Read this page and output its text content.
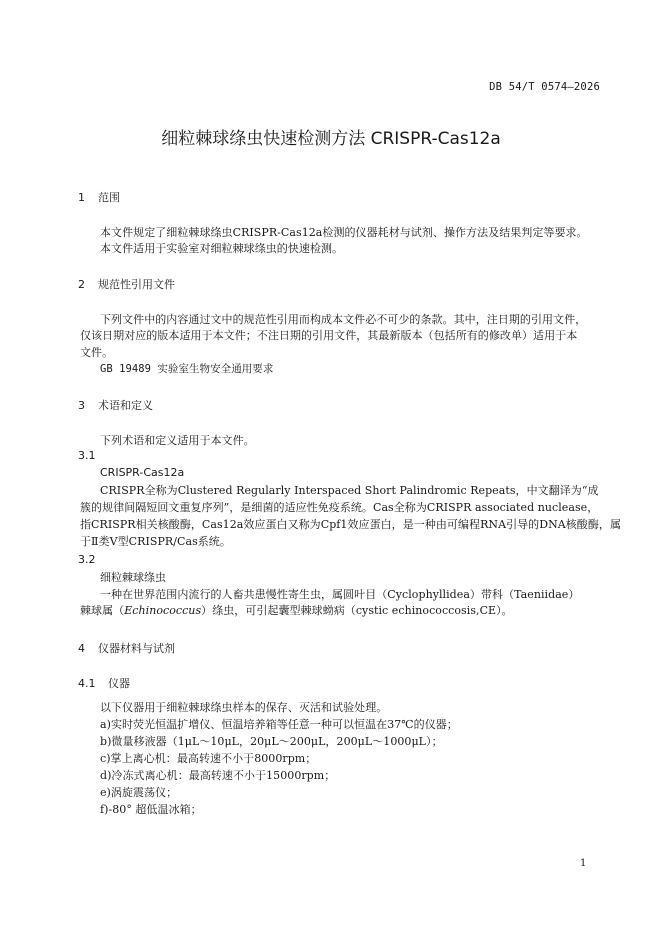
DB 54/T 0574—2026
细粒棘球绦虫快速检测方法 CRISPR-Cas12a
1 范围
本文件规定了细粒棘球绦虫CRISPR-Cas12a检测的仪器耗材与试剂、操作方法及结果判定等要求。
本文件适用于实验室对细粒棘球绦虫的快速检测。
2 规范性引用文件
下列文件中的内容通过文中的规范性引用而构成本文件必不可少的条款。其中，注日期的引用文件，
仅该日期对应的版本适用于本文件；不注日期的引用文件，其最新版本（包括所有的修改单）适用于本
文件。
GB 19489 实验室生物安全通用要求
3 术语和定义
下列术语和定义适用于本文件。
3.1
CRISPR-Cas12a
CRISPR全称为Clustered Regularly Interspaced Short Palindromic Repeats，中文翻译为“成
簇的规律间隔短回文重复序列”，是细菌的适应性免疫系统。Cas全称为CRISPR associated nuclease，
指CRISPR相关核酸酶，Cas12a效应蛋白又称为Cpf1效应蛋白，是一种由可编程RNA引导的DNA核酸酶，属
于Ⅱ类V型CRISPR/Cas系统。
3.2
细粒棘球绦虫
一种在世界范围内流行的人畜共患慢性寄生虫，属圆叶目（Cyclophyllidea）带科（Taeniidae）
棘球属（Echinococcus）绦虫，可引起囊型棘球蚴病（cystic echinococcosis,CE）。
4 仪器材料与试剂
4.1 仪器
以下仪器用于细粒棘球绦虫样本的保存、灭活和试验处理。
a)实时荧光恒温扩增仪、恒温培养箱等任意一种可以恒温在37℃的仪器；
b)微量移液器（1μL～10μL，20μL～200μL，200μL～1000μL）；
c)掌上离心机：最高转速不小于8000rpm；
d)冷冻式离心机：最高转速不小于15000rpm；
e)涡旋震荡仪；
f)-80° 超低温冰箱；
1
